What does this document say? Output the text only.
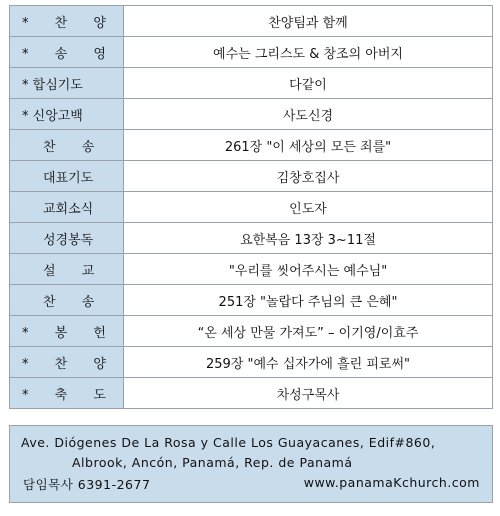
* 찬 양	찬양팀과 함께
* 송 영	예수는 그리스도 & 창조의 아버지
* 합심기도	다같이
* 신앙고백	사도신경
찬 송	261장 "이 세상의 모든 죄를"
대표기도	김창호집사
교회소식	인도자
성경봉독	요한복음 13장 3~11절
설 교	"우리를 씻어주시는 예수님"
찬 송	251장 "놀랍다 주님의 큰 은혜"
* 봉 헌	“온 세상 만물 가져도” – 이기영/이효주
* 찬 양	259장 "예수 십자가에 흘린 피로써"
* 축 도	차성구목사
Ave. Diógenes De La Rosa y Calle Los Guayacanes, Edif#860,
Albrook, Ancón, Panamá, Rep. de Panamá
담임목사 6391-2677	www.panamaKchurch.com
